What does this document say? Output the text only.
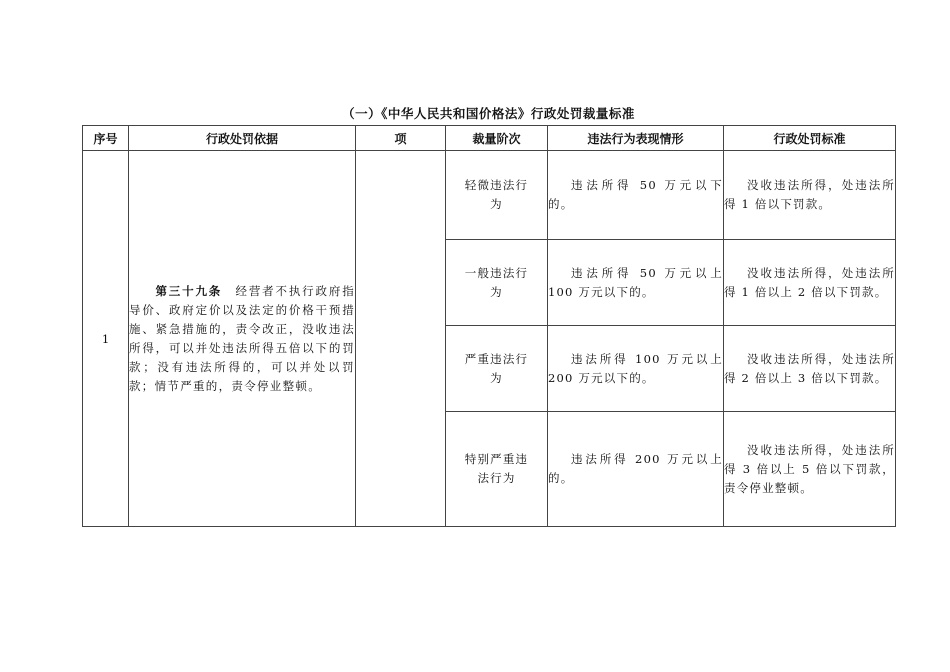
（一）《中华人民共和国价格法》行政处罚裁量标准
序号	行政处罚依据	项	裁量阶次	违法行为表现情形	行政处罚标准
1	第三十九条　 经营者不执行政府指导价、政府定价以及法定的价格干预措施、紧急措施的，责令改正，没收违法所得，可以并处违法所得五倍以下的罚款；没有违法所得的，可以并处以罚款；情节严重的，责令停业整顿。		轻微违法行为	违法所得 50 万元以下的。	没收违法所得，处违法所得 1 倍以下罚款。
			一般违法行为	违法所得 50 万元以上 100 万元以下的。	没收违法所得，处违法所得 1 倍以上 2 倍以下罚款。
			严重违法行为	违法所得 100 万元以上 200 万元以下的。	没收违法所得，处违法所得 2 倍以上 3 倍以下罚款。
			特别严重违法行为	违法所得 200 万元以上的。	没收违法所得，处违法所得 3 倍以上 5 倍以下罚款，责令停业整顿。
